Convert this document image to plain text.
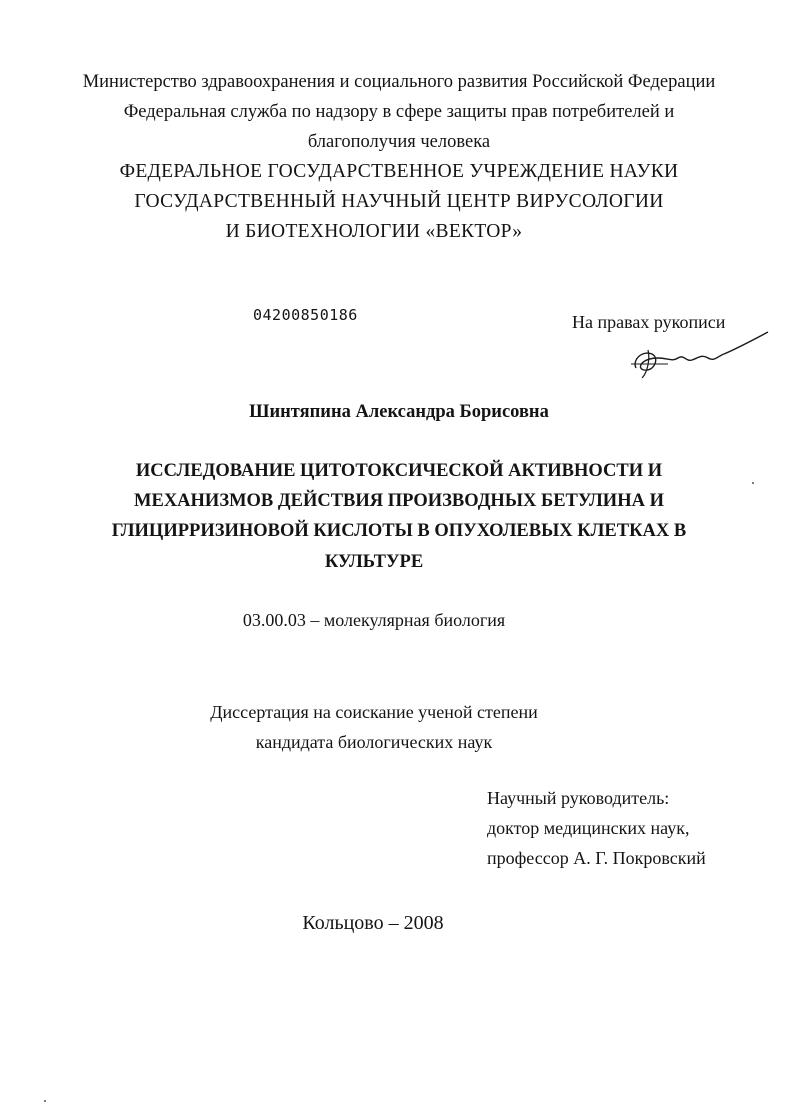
Министерство здравоохранения и социального развития Российской Федерации
Федеральная служба по надзору в сфере защиты прав потребителей и
благополучия человека
ФЕДЕРАЛЬНОЕ ГОСУДАРСТВЕННОЕ УЧРЕЖДЕНИЕ НАУКИ
ГОСУДАРСТВЕННЫЙ НАУЧНЫЙ ЦЕНТР ВИРУСОЛОГИИ
И БИОТЕХНОЛОГИИ «ВЕКТОР»
04200850186	На правах рукописи
Шинтяпина Александра Борисовна
ИССЛЕДОВАНИЕ ЦИТОТОКСИЧЕСКОЙ АКТИВНОСТИ И
МЕХАНИЗМОВ ДЕЙСТВИЯ ПРОИЗВОДНЫХ БЕТУЛИНА И
ГЛИЦИРРИЗИНОВОЙ КИСЛОТЫ В ОПУХОЛЕВЫХ КЛЕТКАХ В
КУЛЬТУРЕ
03.00.03 – молекулярная биология
Диссертация на соискание ученой степени
кандидата биологических наук
Научный руководитель:
доктор медицинских наук,
профессор А. Г. Покровский
Кольцово – 2008
